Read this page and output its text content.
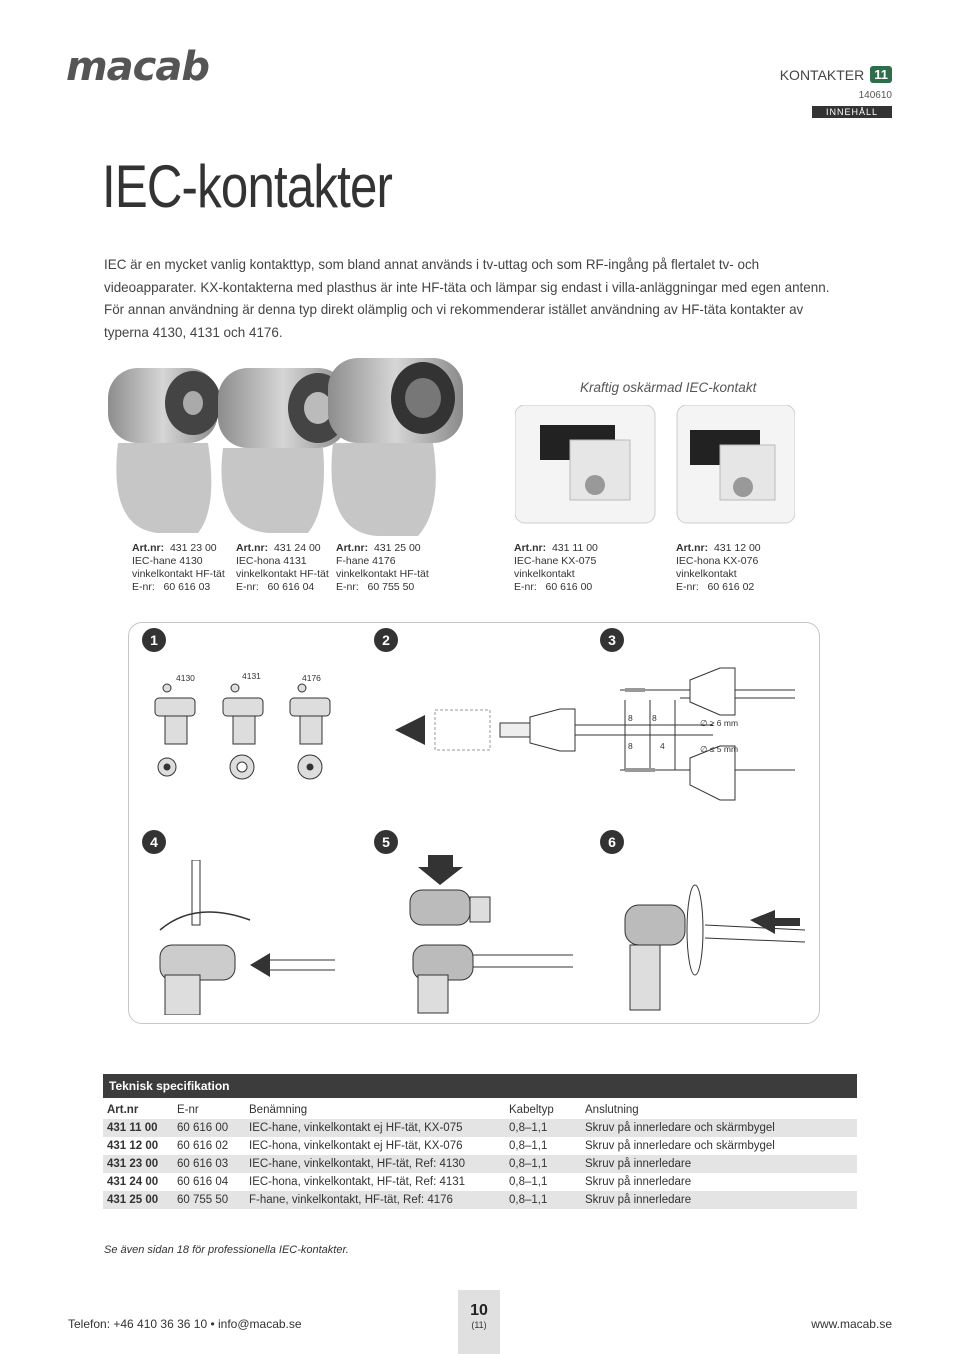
macab	KONTAKTER 11
140610
INNEHÅLL
IEC-kontakter
IEC är en mycket vanlig kontakttyp, som bland annat används i tv-uttag och som RF-ingång på flertalet tv- och videoapparater. KX-kontakterna med plasthus är inte HF-täta och lämpar sig endast i villa-anläggningar med egen antenn. För annan användning är denna typ direkt olämplig och vi rekommenderar istället användning av HF-täta kontakter av typerna 4130, 4131 och 4176.
Kraftig oskärmad IEC-kontakt
Art.nr: 431 23 00
IEC-hane 4130
vinkelkontakt HF-tät
E-nr: 60 616 03
Art.nr: 431 24 00
IEC-hona 4131
vinkelkontakt HF-tät
E-nr: 60 616 04
Art.nr: 431 25 00
F-hane 4176
vinkelkontakt HF-tät
E-nr: 60 755 50
Art.nr: 431 11 00
IEC-hane KX-075
vinkelkontakt
E-nr: 60 616 00
Art.nr: 431 12 00
IEC-hona KX-076
vinkelkontakt
E-nr: 60 616 02
1	2	3
4	5	6
4130	4131	4176
8 8	∅ ≥ 6 mm
8	4	∅ ≤ 5 mm
Teknisk specifikation
Art.nr	E-nr	Benämning	Kabeltyp	Anslutning
431 11 00	60 616 00	IEC-hane, vinkelkontakt ej HF-tät, KX-075	0,8–1,1	Skruv på innerledare och skärmbygel
431 12 00	60 616 02	IEC-hona, vinkelkontakt ej HF-tät, KX-076	0,8–1,1	Skruv på innerledare och skärmbygel
431 23 00	60 616 03	IEC-hane, vinkelkontakt, HF-tät, Ref: 4130	0,8–1,1	Skruv på innerledare
431 24 00	60 616 04	IEC-hona, vinkelkontakt, HF-tät, Ref: 4131	0,8–1,1	Skruv på innerledare
431 25 00	60 755 50	F-hane, vinkelkontakt, HF-tät, Ref: 4176	0,8–1,1	Skruv på innerledare
Se även sidan 18 för professionella IEC-kontakter.
Telefon: +46 410 36 36 10 • info@macab.se
10
(11)	www.macab.se
